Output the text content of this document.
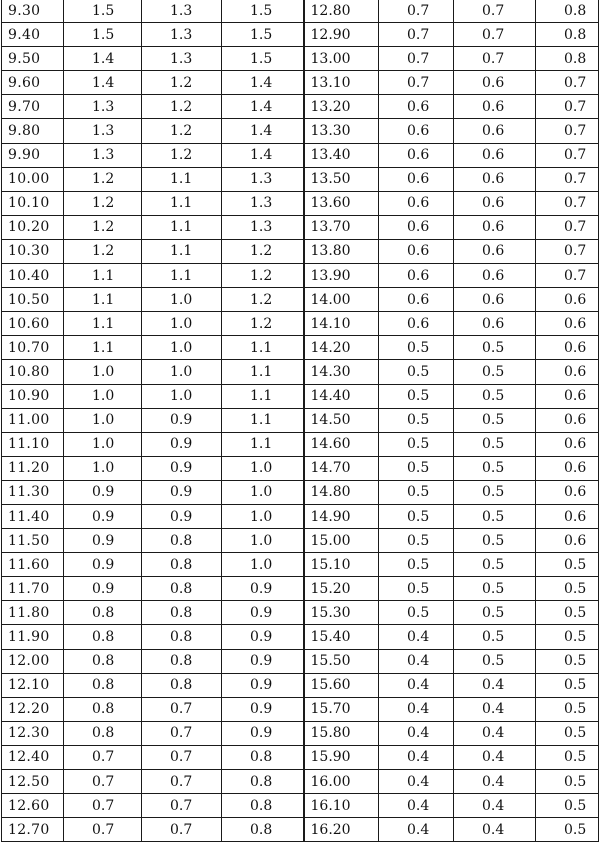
9.30	1.5	1.3	1.5	12.80	0.7	0.7	0.8
9.40	1.5	1.3	1.5	12.90	0.7	0.7	0.8
9.50	1.4	1.3	1.5	13.00	0.7	0.7	0.8
9.60	1.4	1.2	1.4	13.10	0.7	0.6	0.7
9.70	1.3	1.2	1.4	13.20	0.6	0.6	0.7
9.80	1.3	1.2	1.4	13.30	0.6	0.6	0.7
9.90	1.3	1.2	1.4	13.40	0.6	0.6	0.7
10.00	1.2	1.1	1.3	13.50	0.6	0.6	0.7
10.10	1.2	1.1	1.3	13.60	0.6	0.6	0.7
10.20	1.2	1.1	1.3	13.70	0.6	0.6	0.7
10.30	1.2	1.1	1.2	13.80	0.6	0.6	0.7
10.40	1.1	1.1	1.2	13.90	0.6	0.6	0.7
10.50	1.1	1.0	1.2	14.00	0.6	0.6	0.6
10.60	1.1	1.0	1.2	14.10	0.6	0.6	0.6
10.70	1.1	1.0	1.1	14.20	0.5	0.5	0.6
10.80	1.0	1.0	1.1	14.30	0.5	0.5	0.6
10.90	1.0	1.0	1.1	14.40	0.5	0.5	0.6
11.00	1.0	0.9	1.1	14.50	0.5	0.5	0.6
11.10	1.0	0.9	1.1	14.60	0.5	0.5	0.6
11.20	1.0	0.9	1.0	14.70	0.5	0.5	0.6
11.30	0.9	0.9	1.0	14.80	0.5	0.5	0.6
11.40	0.9	0.9	1.0	14.90	0.5	0.5	0.6
11.50	0.9	0.8	1.0	15.00	0.5	0.5	0.6
11.60	0.9	0.8	1.0	15.10	0.5	0.5	0.5
11.70	0.9	0.8	0.9	15.20	0.5	0.5	0.5
11.80	0.8	0.8	0.9	15.30	0.5	0.5	0.5
11.90	0.8	0.8	0.9	15.40	0.4	0.5	0.5
12.00	0.8	0.8	0.9	15.50	0.4	0.5	0.5
12.10	0.8	0.8	0.9	15.60	0.4	0.4	0.5
12.20	0.8	0.7	0.9	15.70	0.4	0.4	0.5
12.30	0.8	0.7	0.9	15.80	0.4	0.4	0.5
12.40	0.7	0.7	0.8	15.90	0.4	0.4	0.5
12.50	0.7	0.7	0.8	16.00	0.4	0.4	0.5
12.60	0.7	0.7	0.8	16.10	0.4	0.4	0.5
12.70	0.7	0.7	0.8	16.20	0.4	0.4	0.5
